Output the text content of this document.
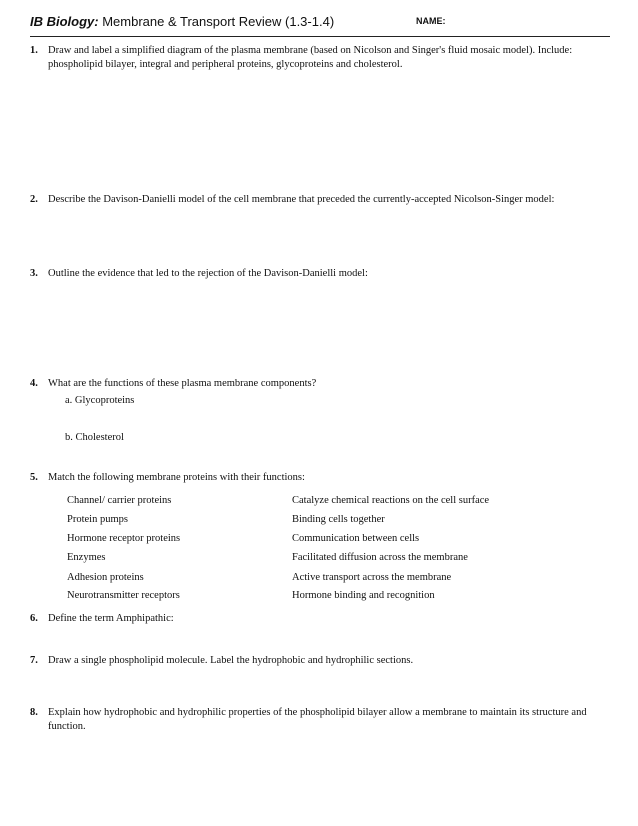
IB Biology: Membrane & Transport Review (1.3-1.4)	NAME:
1. Draw and label a simplified diagram of the plasma membrane (based on Nicolson and Singer's fluid mosaic model). Include: phospholipid bilayer, integral and peripheral proteins, glycoproteins and cholesterol.
2. Describe the Davison-Danielli model of the cell membrane that preceded the currently-accepted Nicolson-Singer model:
3. Outline the evidence that led to the rejection of the Davison-Danielli model:
4. What are the functions of these plasma membrane components?
a. Glycoproteins
b. Cholesterol
5. Match the following membrane proteins with their functions:
Channel/ carrier proteins	Catalyze chemical reactions on the cell surface
Protein pumps	Binding cells together
Hormone receptor proteins	Communication between cells
Enzymes	Facilitated diffusion across the membrane
Adhesion proteins	Active transport across the membrane
Neurotransmitter receptors	Hormone binding and recognition
6. Define the term Amphipathic:
7. Draw a single phospholipid molecule. Label the hydrophobic and hydrophilic sections.
8. Explain how hydrophobic and hydrophilic properties of the phospholipid bilayer allow a membrane to maintain its structure and function.
